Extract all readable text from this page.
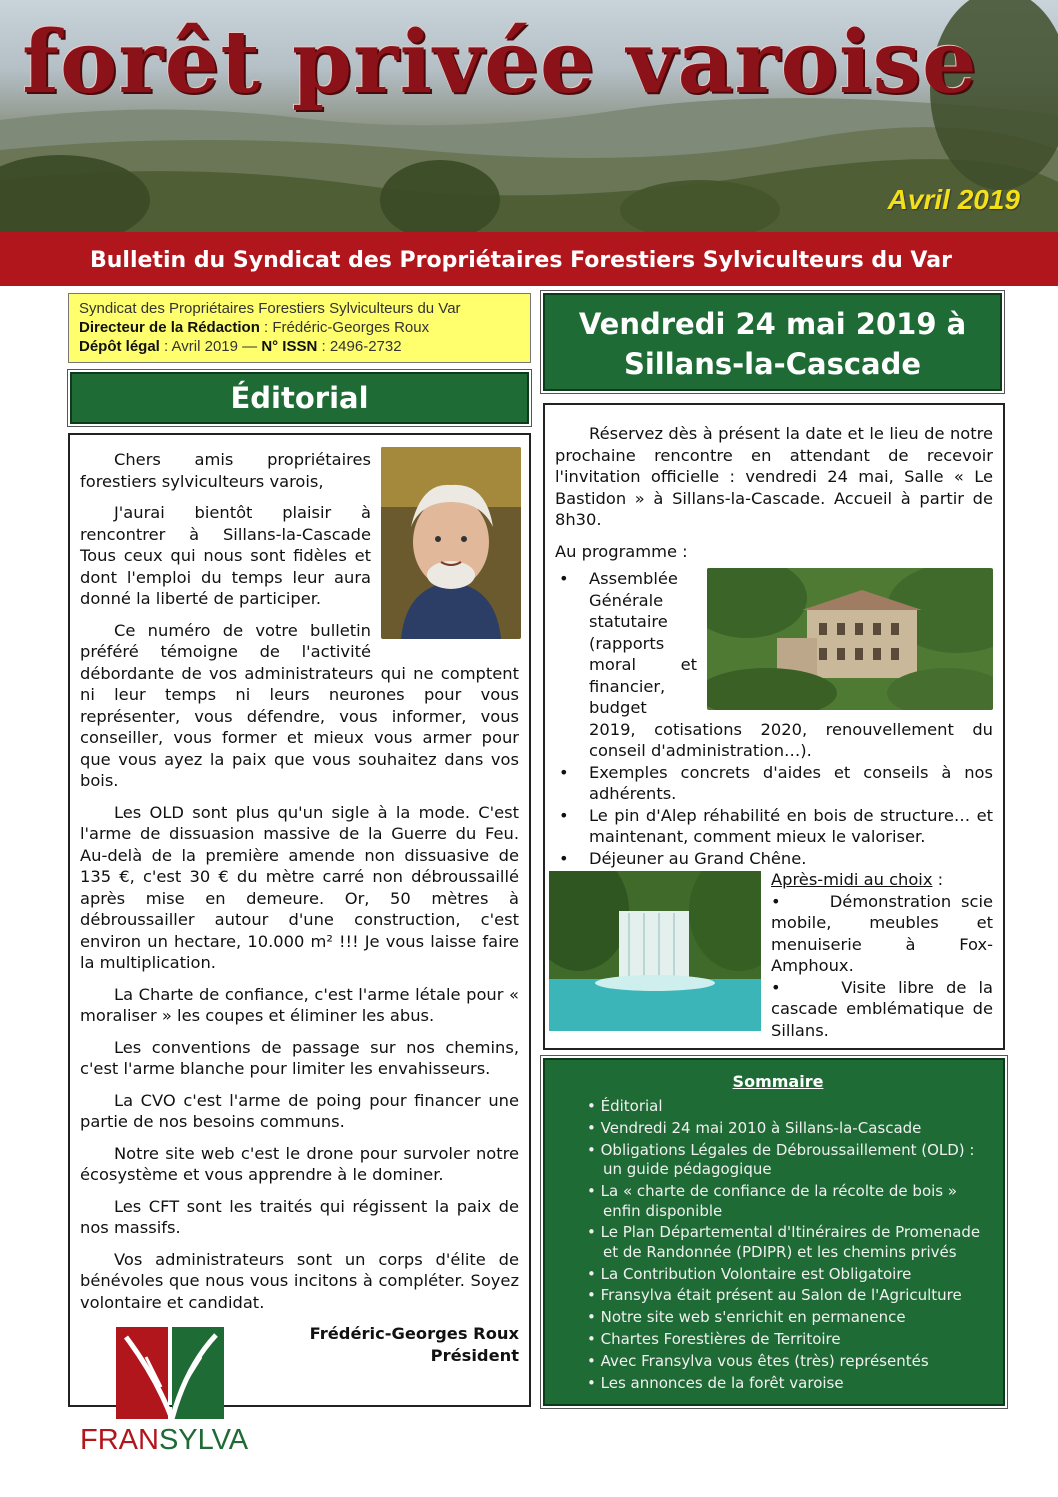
forêt privée varoise
Avril 2019
Bulletin du Syndicat des Propriétaires Forestiers Sylviculteurs du Var
Syndicat des Propriétaires Forestiers Sylviculteurs du Var
Directeur de la Rédaction : Frédéric-Georges Roux
Dépôt légal : Avril 2019 — N° ISSN : 2496-2732
Éditorial

Chers amis propriétaires forestiers sylviculteurs varois,

J'aurai bientôt plaisir à rencontrer à Sillans-la-Cascade Tous ceux qui nous sont fidèles et dont l'emploi du temps leur aura donné la liberté de participer.

Ce numéro de votre bulletin préféré témoigne de l'activité débordante de vos administrateurs qui ne comptent ni leur temps ni leurs neurones pour vous représenter, vous défendre, vous informer, vous conseiller, vous former et mieux vous armer pour que vous ayez la paix que vous souhaitez dans vos bois.

Les OLD sont plus qu'un sigle à la mode. C'est l'arme de dissuasion massive de la Guerre du Feu. Au-delà de la première amende non dissuasive de 135 €, c'est 30 € du mètre carré non débroussaillé après mise en demeure. Or, 50 mètres à débroussailler autour d'une construction, c'est environ un hectare, 10.000 m² !!! Je vous laisse faire la multiplication.

La Charte de confiance, c'est l'arme létale pour « moraliser » les coupes et éliminer les abus.

Les conventions de passage sur nos chemins, c'est l'arme blanche pour limiter les envahisseurs.

La CVO c'est l'arme de poing pour financer une partie de nos besoins communs.

Notre site web c'est le drone pour survoler notre écosystème et vous apprendre à le dominer.

Les CFT sont les traités qui régissent la paix de nos massifs.

Vos administrateurs sont un corps d'élite de bénévoles que nous vous incitons à compléter. Soyez volontaire et candidat.

FRANSYLVA
Frédéric-Georges Roux
Président
Vendredi 24 mai 2019 à
Sillans-la-Cascade

Réservez dès à présent la date et le lieu de notre prochaine rencontre en attendant de recevoir l'invitation officielle : vendredi 24 mai, Salle « Le Bastidon » à Sillans-la-Cascade. Accueil à partir de 8h30.

Au programme :

• Assemblée Générale statutaire (rapports moral et financier, budget 2019, cotisations 2020, renouvellement du conseil d'administration…).
• Exemples concrets d'aides et conseils à nos adhérents.
• Le pin d'Alep réhabilité en bois de structure… et maintenant, comment mieux le valoriser.
• Déjeuner au Grand Chêne.

Après-midi au choix :

•     Démonstration scie mobile, meubles et menuiserie à Fox-Amphoux.

•     Visite libre de la cascade emblématique de Sillans.

Sommaire
• Éditorial
• Vendredi 24 mai 2010 à Sillans-la-Cascade
• Obligations Légales de Débroussaillement (OLD) :
un guide pédagogique
• La « charte de confiance de la récolte de bois »
enfin disponible
• Le Plan Départemental d'Itinéraires de Promenade
et de Randonnée (PDIPR) et les chemins privés
• La Contribution Volontaire est Obligatoire
• Fransylva était présent au Salon de l'Agriculture
• Notre site web s'enrichit en permanence
• Chartes Forestières de Territoire
• Avec Fransylva vous êtes (très) représentés
• Les annonces de la forêt varoise
